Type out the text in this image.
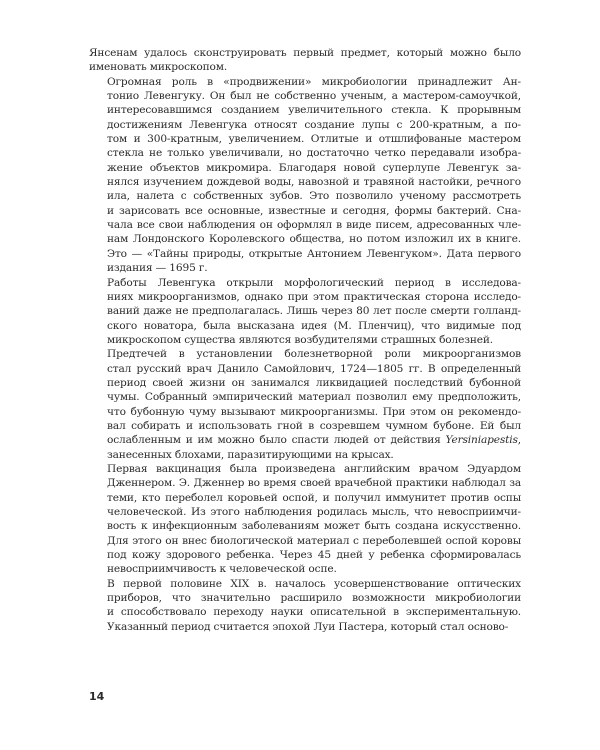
Янсенам удалось сконструировать первый предмет, который можно было
именовать микроскопом.

Огромная роль в «продвижении» микробиологии принадлежит Ан-
тонио Левенгуку. Он был не собственно ученым, а мастером-самоучкой,
интересовавшимся созданием увеличительного стекла. К прорывным
достижениям Левенгука относят создание лупы с 200-кратным, а по-
том и 300-кратным, увеличением. Отлитые и отшлифованые мастером
стекла не только увеличивали, но достаточно четко передавали изобра-
жение объектов микромира. Благодаря новой суперлупе Левенгук за-
нялся изучением дождевой воды, навозной и травяной настойки, речного
ила, налета с собственных зубов. Это позволило ученому рассмотреть
и зарисовать все основные, известные и сегодня, формы бактерий. Сна-
чала все свои наблюдения он оформлял в виде писем, адресованных чле-
нам Лондонского Королевского общества, но потом изложил их в книге.
Это — «Тайны природы, открытые Антонием Левенгуком». Дата первого
издания — 1695 г.

Работы Левенгука открыли морфологический период в исследова-
ниях микроорганизмов, однако при этом практическая сторона исследо-
ваний даже не предполагалась. Лишь через 80 лет после смерти голланд-
ского новатора, была высказана идея (М. Пленчиц), что видимые под
микроскопом существа являются возбудителями страшных болезней.

Предтечей в установлении болезнетворной роли микроорганизмов
стал русский врач Данило Самойлович, 1724—1805 гг. В определенный
период своей жизни он занимался ликвидацией последствий бубонной
чумы. Собранный эмпирический материал позволил ему предположить,
что бубонную чуму вызывают микроорганизмы. При этом он рекомендо-
вал собирать и использовать гной в созревшем чумном бубоне. Ей был
ослабленным и им можно было спасти людей от действия Yersiniapestis,
занесенных блохами, паразитирующими на крысах.

Первая вакцинация была произведена английским врачом Эдуардом
Дженнером. Э. Дженнер во время своей врачебной практики наблюдал за
теми, кто переболел коровьей оспой, и получил иммунитет против оспы
человеческой. Из этого наблюдения родилась мысль, что невосприимчи-
вость к инфекционным заболеваниям может быть создана искусственно.
Для этого он внес биологической материал с переболевшей оспой коровы
под кожу здорового ребенка. Через 45 дней у ребенка сформировалась
невосприимчивость к человеческой оспе.

В первой половине XIX в. началось усовершенствование оптических
приборов, что значительно расширило возможности микробиологии
и способствовало переходу науки описательной в экспериментальную.
Указанный период считается эпохой Луи Пастера, который стал осново-

14
